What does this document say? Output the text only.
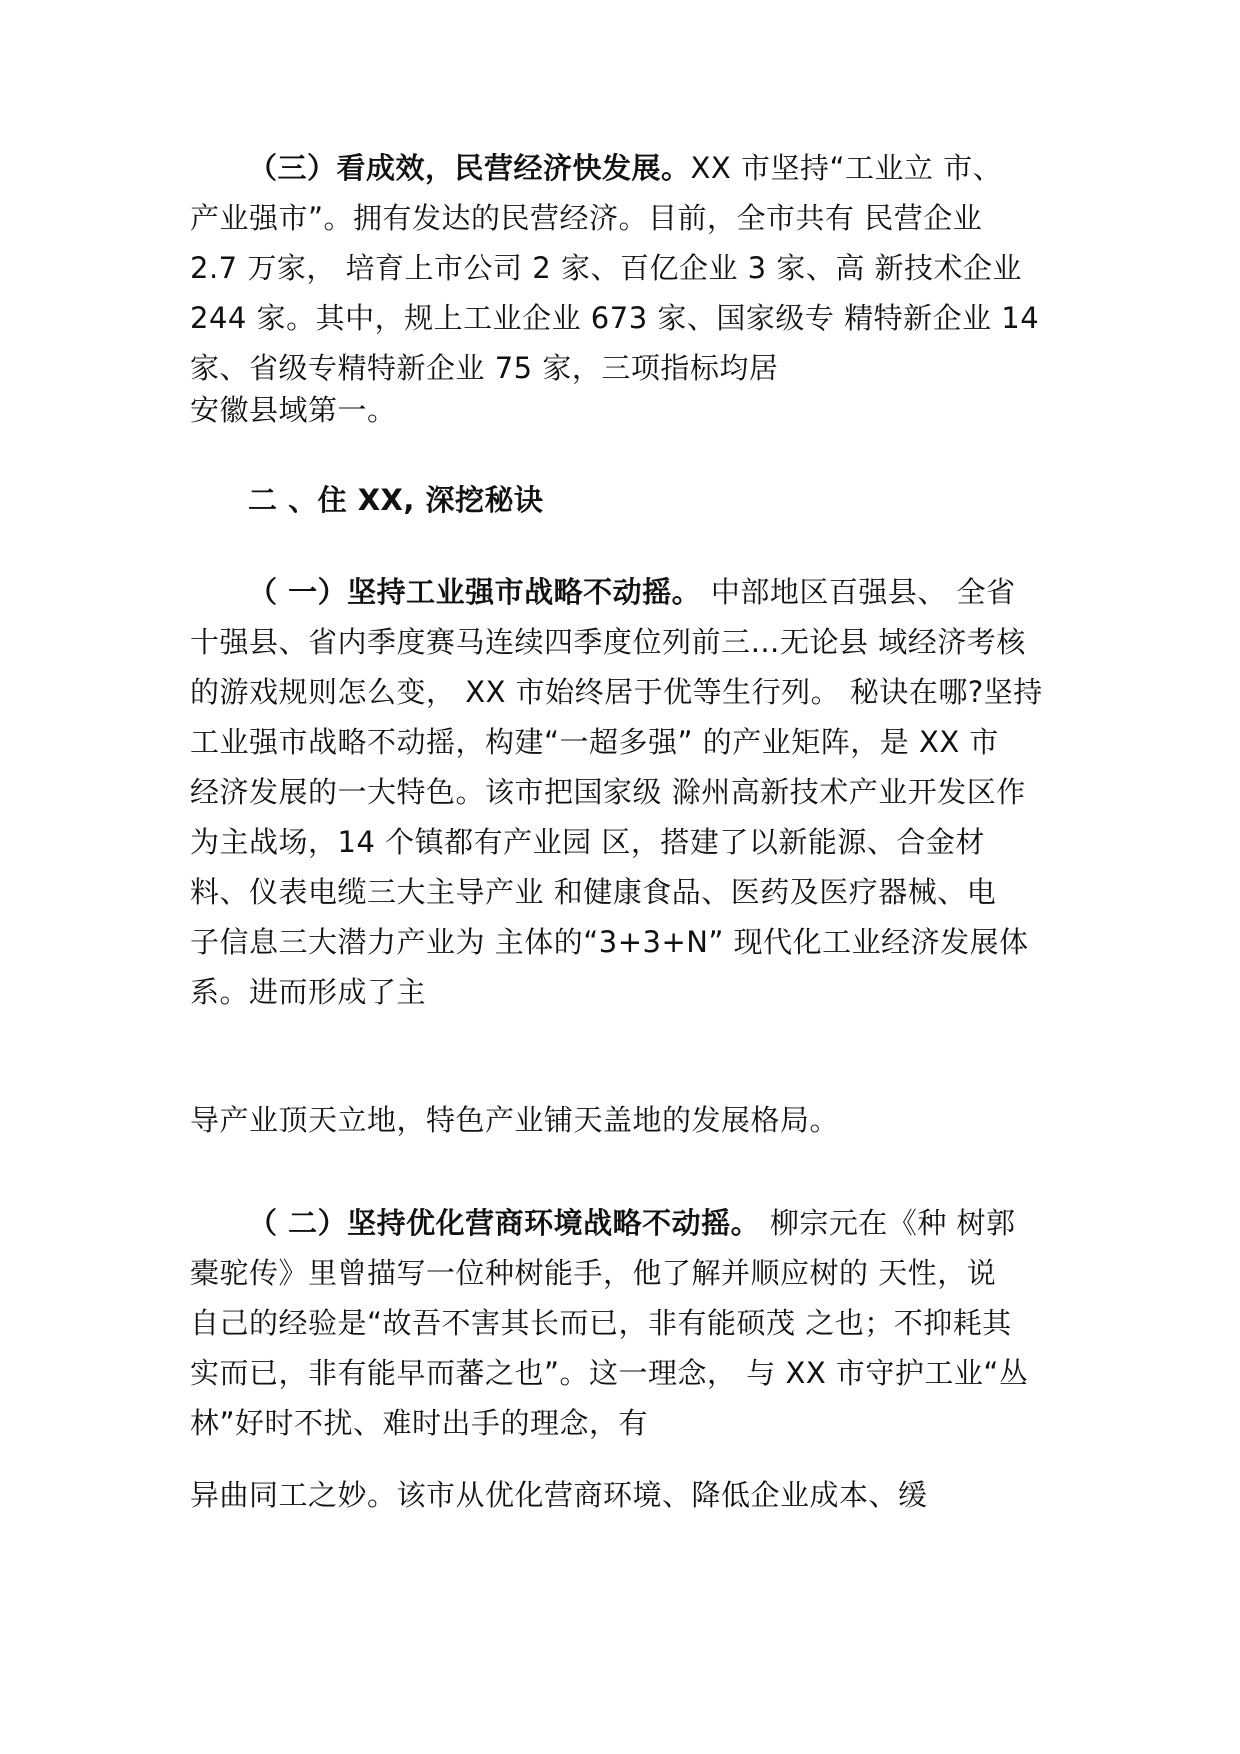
（三）看成效，民营经济快发展。XX 市坚持“工业立 市、
产业强市”。拥有发达的民营经济。目前，全市共有 民营企业
2.7 万家， 培育上市公司 2 家、百亿企业 3 家、高 新技术企业
244 家。其中，规上工业企业 673 家、国家级专 精特新企业 14
家、省级专精特新企业 75 家，三项指标均居
安徽县域第一。
二 、住 XX, 深挖秘诀
（ 一）坚持工业强市战略不动摇。 中部地区百强县、 全省
十强县、省内季度赛马连续四季度位列前三…无论县 域经济考核
的游戏规则怎么变， XX 市始终居于优等生行列。 秘诀在哪?坚持
工业强市战略不动摇，构建“一超多强” 的产业矩阵，是 XX 市
经济发展的一大特色。该市把国家级 滁州高新技术产业开发区作
为主战场，14 个镇都有产业园 区，搭建了以新能源、合金材
料、仪表电缆三大主导产业 和健康食品、医药及医疗器械、电
子信息三大潜力产业为 主体的“3+3+N” 现代化工业经济发展体
系。进而形成了主
导产业顶天立地，特色产业铺天盖地的发展格局。
（ 二）坚持优化营商环境战略不动摇。 柳宗元在《种 树郭
橐驼传》里曾描写一位种树能手，他了解并顺应树的 天性，说
自己的经验是“故吾不害其长而已，非有能硕茂 之也；不抑耗其
实而已，非有能早而蕃之也”。这一理念， 与 XX 市守护工业“丛
林”好时不扰、难时出手的理念，有
异曲同工之妙。该市从优化营商环境、降低企业成本、缓
